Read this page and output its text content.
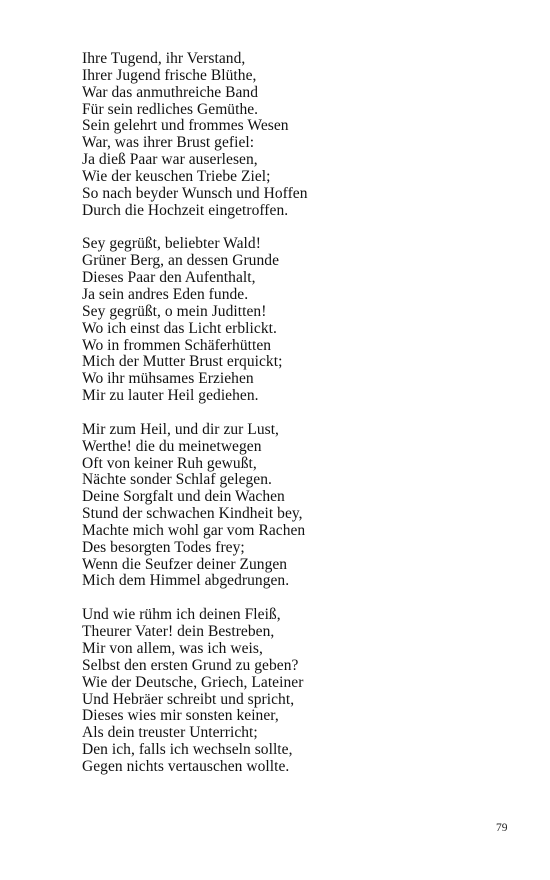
Ihre Tugend, ihr Verstand,
Ihrer Jugend frische Blüthe,
War das anmuthreiche Band
Für sein redliches Gemüthe.
Sein gelehrt und frommes Wesen
War, was ihrer Brust gefiel:
Ja dieß Paar war auserlesen,
Wie der keuschen Triebe Ziel;
So nach beyder Wunsch und Hoffen
Durch die Hochzeit eingetroffen.
Sey gegrüßt, beliebter Wald!
Grüner Berg, an dessen Grunde
Dieses Paar den Aufenthalt,
Ja sein andres Eden funde.
Sey gegrüßt, o mein Juditten!
Wo ich einst das Licht erblickt.
Wo in frommen Schäferhütten
Mich der Mutter Brust erquickt;
Wo ihr mühsames Erziehen
Mir zu lauter Heil gediehen.
Mir zum Heil, und dir zur Lust,
Werthe! die du meinetwegen
Oft von keiner Ruh gewußt,
Nächte sonder Schlaf gelegen.
Deine Sorgfalt und dein Wachen
Stund der schwachen Kindheit bey,
Machte mich wohl gar vom Rachen
Des besorgten Todes frey;
Wenn die Seufzer deiner Zungen
Mich dem Himmel abgedrungen.
Und wie rühm ich deinen Fleiß,
Theurer Vater! dein Bestreben,
Mir von allem, was ich weis,
Selbst den ersten Grund zu geben?
Wie der Deutsche, Griech, Lateiner
Und Hebräer schreibt und spricht,
Dieses wies mir sonsten keiner,
Als dein treuster Unterricht;
Den ich, falls ich wechseln sollte,
Gegen nichts vertauschen wollte.
79
